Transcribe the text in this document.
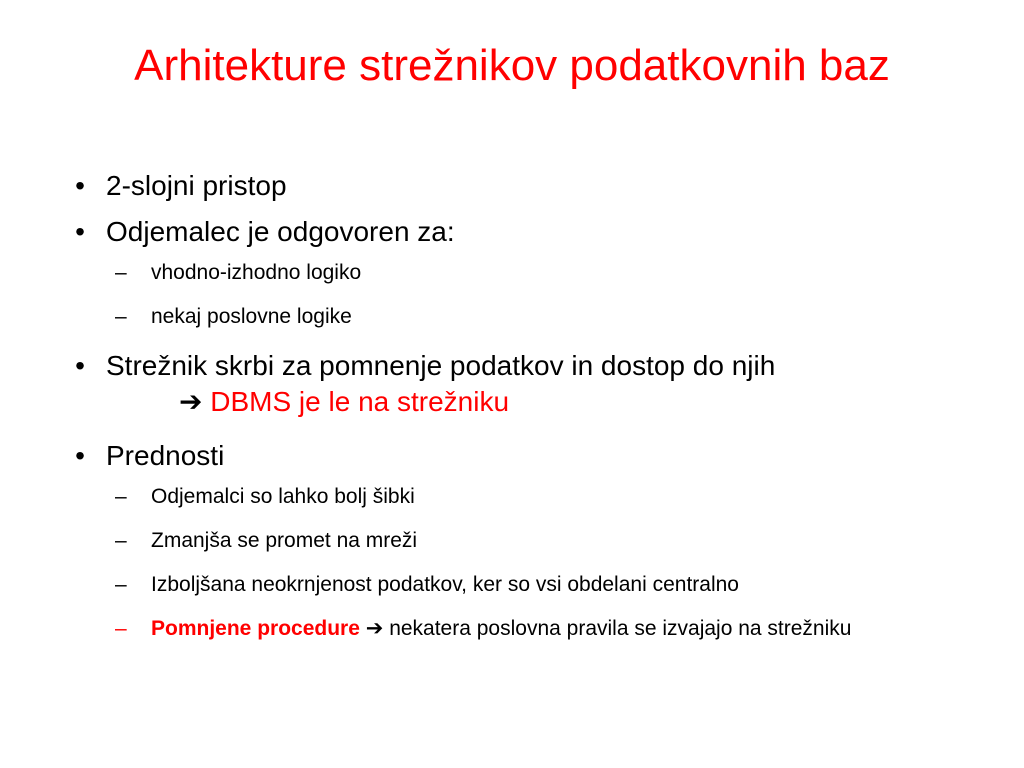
Arhitekture strežnikov podatkovnih baz

• 2-slojni pristop

• Odjemalec je odgovoren za:

– vhodno-izhodno logiko

– nekaj poslovne logike

• Strežnik skrbi za pomnenje podatkov in dostop do njih
➔ DBMS je le na strežniku

• Prednosti

– Odjemalci so lahko bolj šibki

– Zmanjša se promet na mreži

– Izboljšana neokrnjenost podatkov, ker so vsi obdelani centralno

– Pomnjene procedure ➔ nekatera poslovna pravila se izvajajo na strežniku
